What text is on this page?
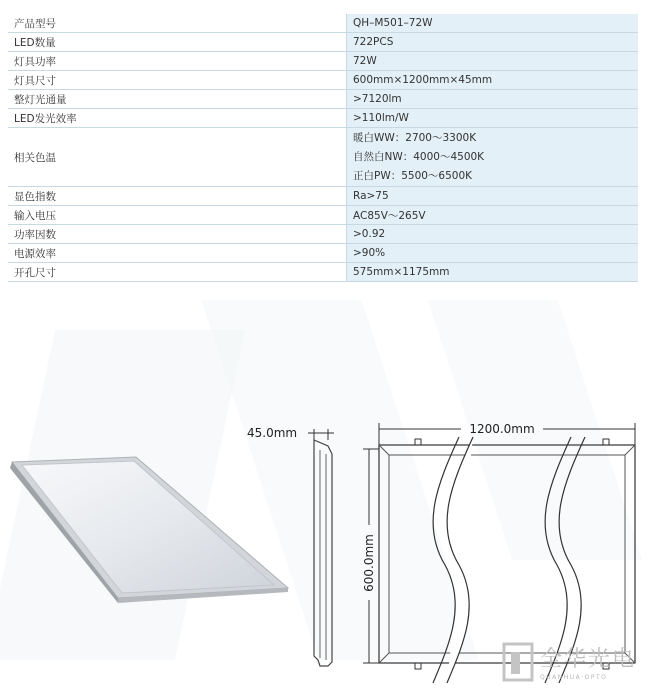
产品型号	QH–M501–72W
LED数量	722PCS
灯具功率	72W
灯具尺寸	600mm×1200mm×45mm
整灯光通量	>7120lm
LED发光效率	>110lm/W
相关色温	暖白WW：2700～3300K
自然白NW：4000～4500K
正白PW：5500～6500K

显色指数	Ra>75
输入电压	AC85V～265V
功率因数	>0.92
电源效率	>90%
开孔尺寸	575mm×1175mm
45.0mm	1200.0mm
600.0mm
全华光电
QUANHUA·OPTO
